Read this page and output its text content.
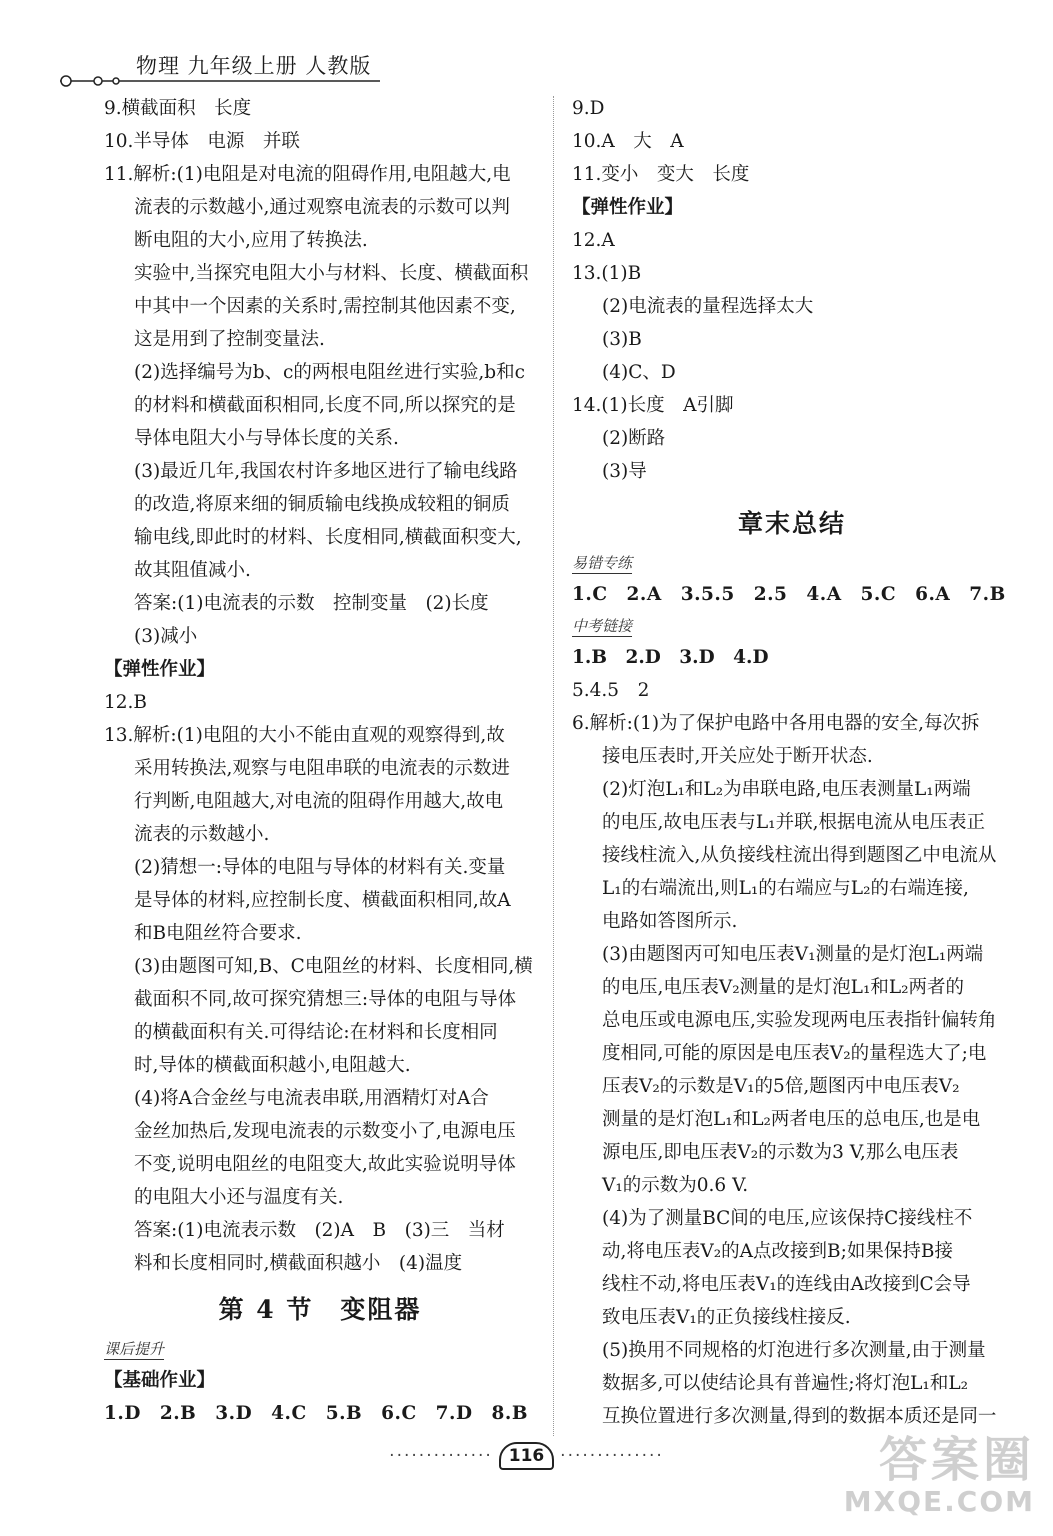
物理 九年级上册 人教版
9.横截面积　长度
10.半导体　电源　并联
11.解析:(1)电阻是对电流的阻碍作用,电阻越大,电
流表的示数越小,通过观察电流表的示数可以判
断电阻的大小,应用了转换法.
实验中,当探究电阻大小与材料、长度、横截面积
中其中一个因素的关系时,需控制其他因素不变,
这是用到了控制变量法.
(2)选择编号为b、c的两根电阻丝进行实验,b和c
的材料和横截面积相同,长度不同,所以探究的是
导体电阻大小与导体长度的关系.
(3)最近几年,我国农村许多地区进行了输电线路
的改造,将原来细的铜质输电线换成较粗的铜质
输电线,即此时的材料、长度相同,横截面积变大,
故其阻值减小.
答案:(1)电流表的示数　控制变量　(2)长度
(3)减小
【弹性作业】
12.B
13.解析:(1)电阻的大小不能由直观的观察得到,故
采用转换法,观察与电阻串联的电流表的示数进
行判断,电阻越大,对电流的阻碍作用越大,故电
流表的示数越小.
(2)猜想一:导体的电阻与导体的材料有关.变量
是导体的材料,应控制长度、横截面积相同,故A
和B电阻丝符合要求.
(3)由题图可知,B、C电阻丝的材料、长度相同,横
截面积不同,故可探究猜想三:导体的电阻与导体
的横截面积有关.可得结论:在材料和长度相同
时,导体的横截面积越小,电阻越大.
(4)将A合金丝与电流表串联,用酒精灯对A合
金丝加热后,发现电流表的示数变小了,电源电压
不变,说明电阻丝的电阻变大,故此实验说明导体
的电阻大小还与温度有关.
答案:(1)电流表示数　(2)A　B　(3)三　当材
料和长度相同时,横截面积越小　(4)温度
第 4 节　变阻器
课后提升
【基础作业】
1.D　2.B　3.D　4.C　5.B　6.C　7.D　8.B
9.D
10.A　大　A
11.变小　变大　长度
【弹性作业】
12.A
13.(1)B
(2)电流表的量程选择太大
(3)B
(4)C、D
14.(1)长度　A引脚
(2)断路
(3)导
章末总结
易错专练
1.C　2.A　3.5.5　2.5　4.A　5.C　6.A　7.B
中考链接
1.B　2.D　3.D　4.D
5.4.5　2
6.解析:(1)为了保护电路中各用电器的安全,每次拆
接电压表时,开关应处于断开状态.
(2)灯泡L₁和L₂为串联电路,电压表测量L₁两端
的电压,故电压表与L₁并联,根据电流从电压表正
接线柱流入,从负接线柱流出得到题图乙中电流从
L₁的右端流出,则L₁的右端应与L₂的右端连接,
电路如答图所示.
(3)由题图丙可知电压表V₁测量的是灯泡L₁两端
的电压,电压表V₂测量的是灯泡L₁和L₂两者的
总电压或电源电压,实验发现两电压表指针偏转角
度相同,可能的原因是电压表V₂的量程选大了;电
压表V₂的示数是V₁的5倍,题图丙中电压表V₂
测量的是灯泡L₁和L₂两者电压的总电压,也是电
源电压,即电压表V₂的示数为3 V,那么电压表
V₁的示数为0.6 V.
(4)为了测量BC间的电压,应该保持C接线柱不
动,将电压表V₂的A点改接到B;如果保持B接
线柱不动,将电压表V₁的连线由A改接到C会导
致电压表V₁的正负接线柱接反.
(5)换用不同规格的灯泡进行多次测量,由于测量
数据多,可以使结论具有普遍性;将灯泡L₁和L₂
互换位置进行多次测量,得到的数据本质还是同一
·············· 116 ··············	答案圈
MXQE.COM
